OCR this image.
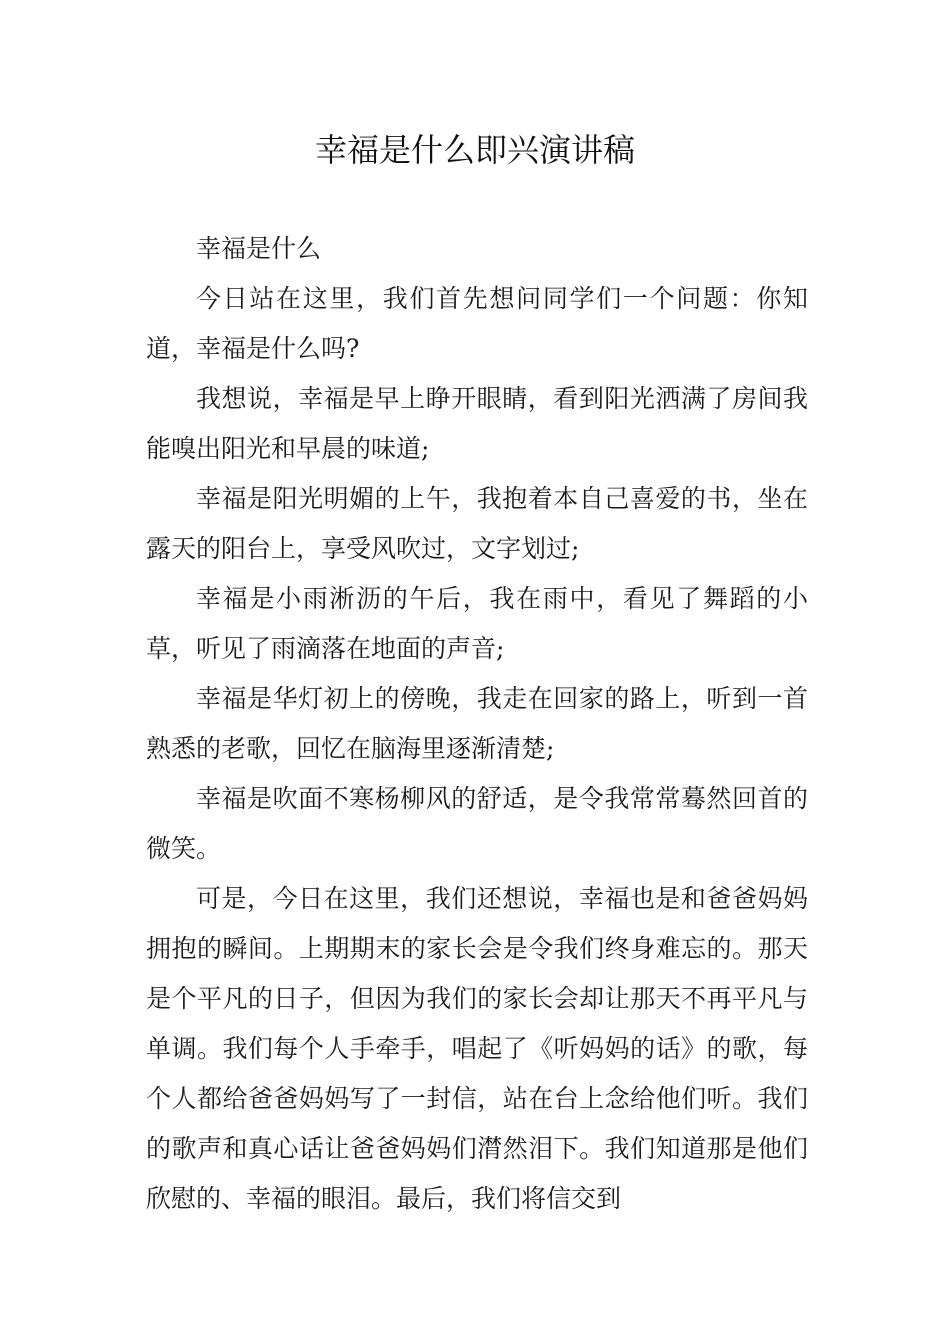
幸福是什么即兴演讲稿

幸福是什么

今日站在这里，我们首先想问同学们一个问题：你知道，幸福是什么吗?

我想说，幸福是早上睁开眼睛，看到阳光洒满了房间我能嗅出阳光和早晨的味道;

幸福是阳光明媚的上午，我抱着本自己喜爱的书，坐在露天的阳台上，享受风吹过，文字划过;

幸福是小雨淅沥的午后，我在雨中，看见了舞蹈的小草，听见了雨滴落在地面的声音;

幸福是华灯初上的傍晚，我走在回家的路上，听到一首熟悉的老歌，回忆在脑海里逐渐清楚;

幸福是吹面不寒杨柳风的舒适，是令我常常蓦然回首的微笑。

可是，今日在这里，我们还想说，幸福也是和爸爸妈妈拥抱的瞬间。上期期末的家长会是令我们终身难忘的。那天是个平凡的日子，但因为我们的家长会却让那天不再平凡与单调。我们每个人手牵手，唱起了《听妈妈的话》的歌，每个人都给爸爸妈妈写了一封信，站在台上念给他们听。我们的歌声和真心话让爸爸妈妈们潸然泪下。我们知道那是他们欣慰的、幸福的眼泪。最后，我们将信交到
